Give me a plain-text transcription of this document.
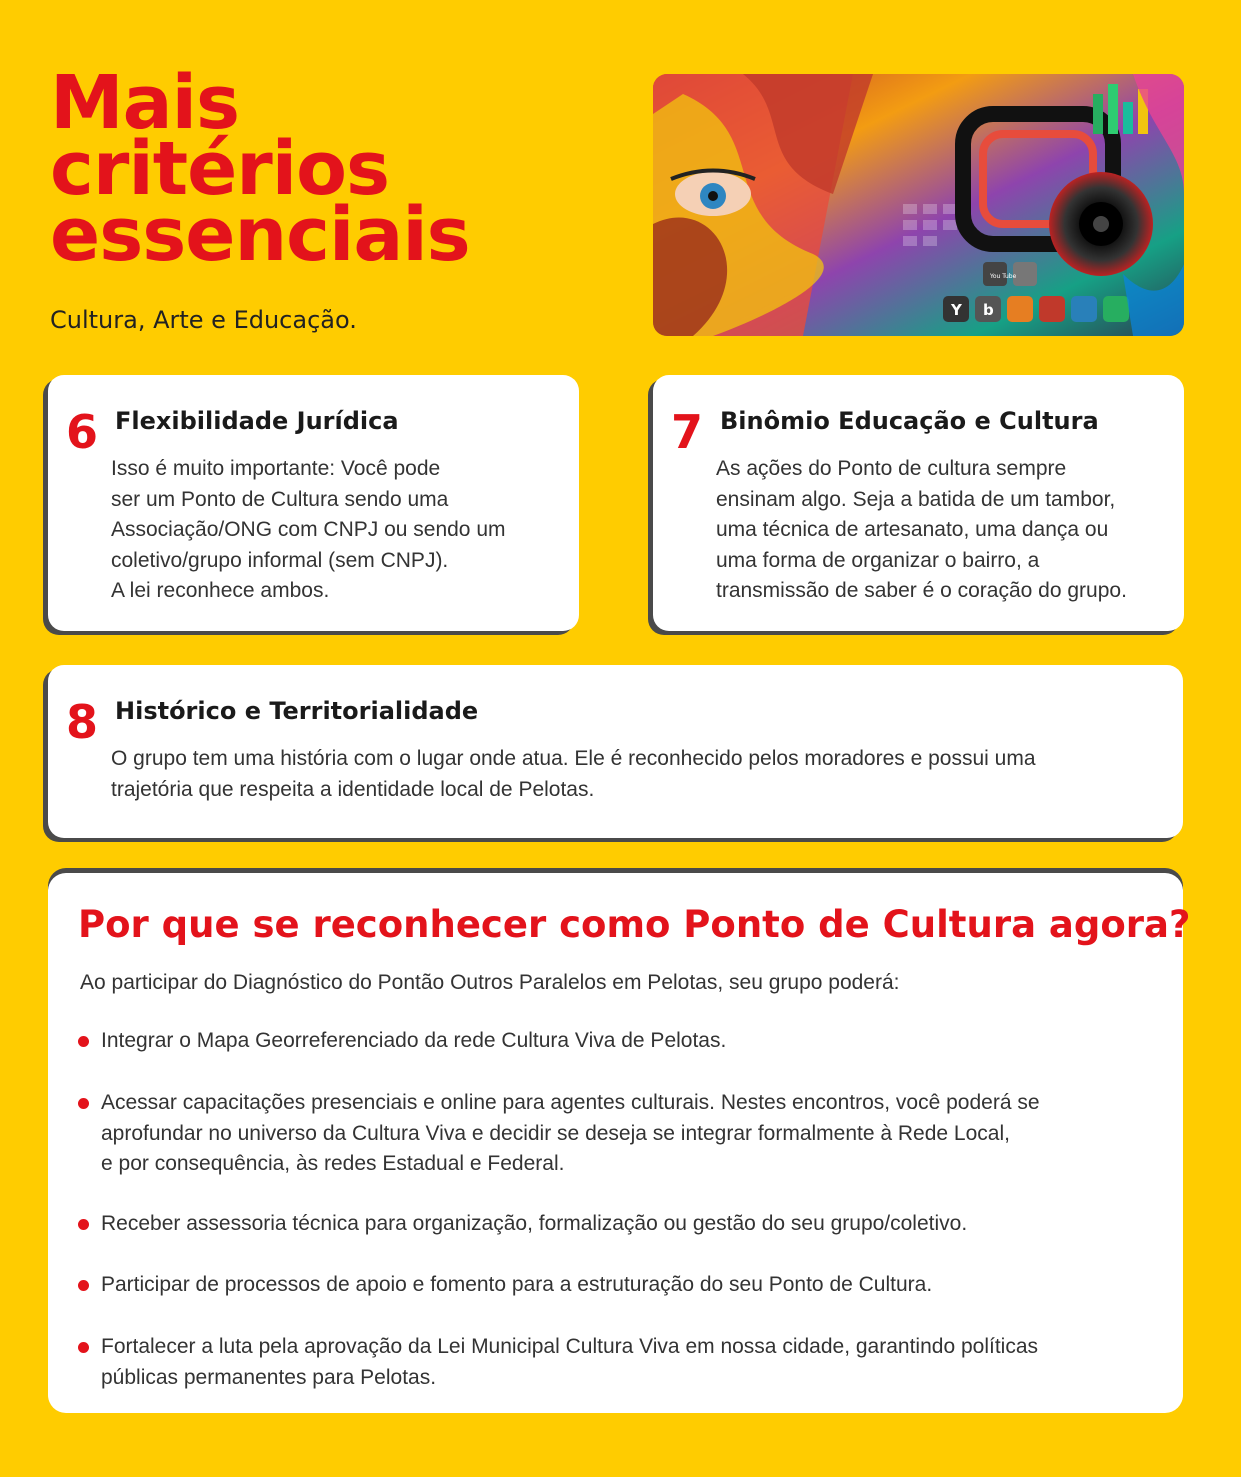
Mais
critérios
essenciais
Cultura, Arte e Educação.
You Tube
Y b
6 Flexibilidade Jurídica
Isso é muito importante: Você pode
ser um Ponto de Cultura sendo uma
Associação/ONG com CNPJ ou sendo um
coletivo/grupo informal (sem CNPJ).
A lei reconhece ambos.
7 Binômio Educação e Cultura
As ações do Ponto de cultura sempre
ensinam algo. Seja a batida de um tambor,
uma técnica de artesanato, uma dança ou
uma forma de organizar o bairro, a
transmissão de saber é o coração do grupo.
8 Histórico e Territorialidade
O grupo tem uma história com o lugar onde atua. Ele é reconhecido pelos moradores e possui uma
trajetória que respeita a identidade local de Pelotas.
Por que se reconhecer como Ponto de Cultura agora?
Ao participar do Diagnóstico do Pontão Outros Paralelos em Pelotas, seu grupo poderá:
Integrar o Mapa Georreferenciado da rede Cultura Viva de Pelotas.
Acessar capacitações presenciais e online para agentes culturais. Nestes encontros, você poderá se
aprofundar no universo da Cultura Viva e decidir se deseja se integrar formalmente à Rede Local,
e por consequência, às redes Estadual e Federal.
Receber assessoria técnica para organização, formalização ou gestão do seu grupo/coletivo.
Participar de processos de apoio e fomento para a estruturação do seu Ponto de Cultura.
Fortalecer a luta pela aprovação da Lei Municipal Cultura Viva em nossa cidade, garantindo políticas
públicas permanentes para Pelotas.
